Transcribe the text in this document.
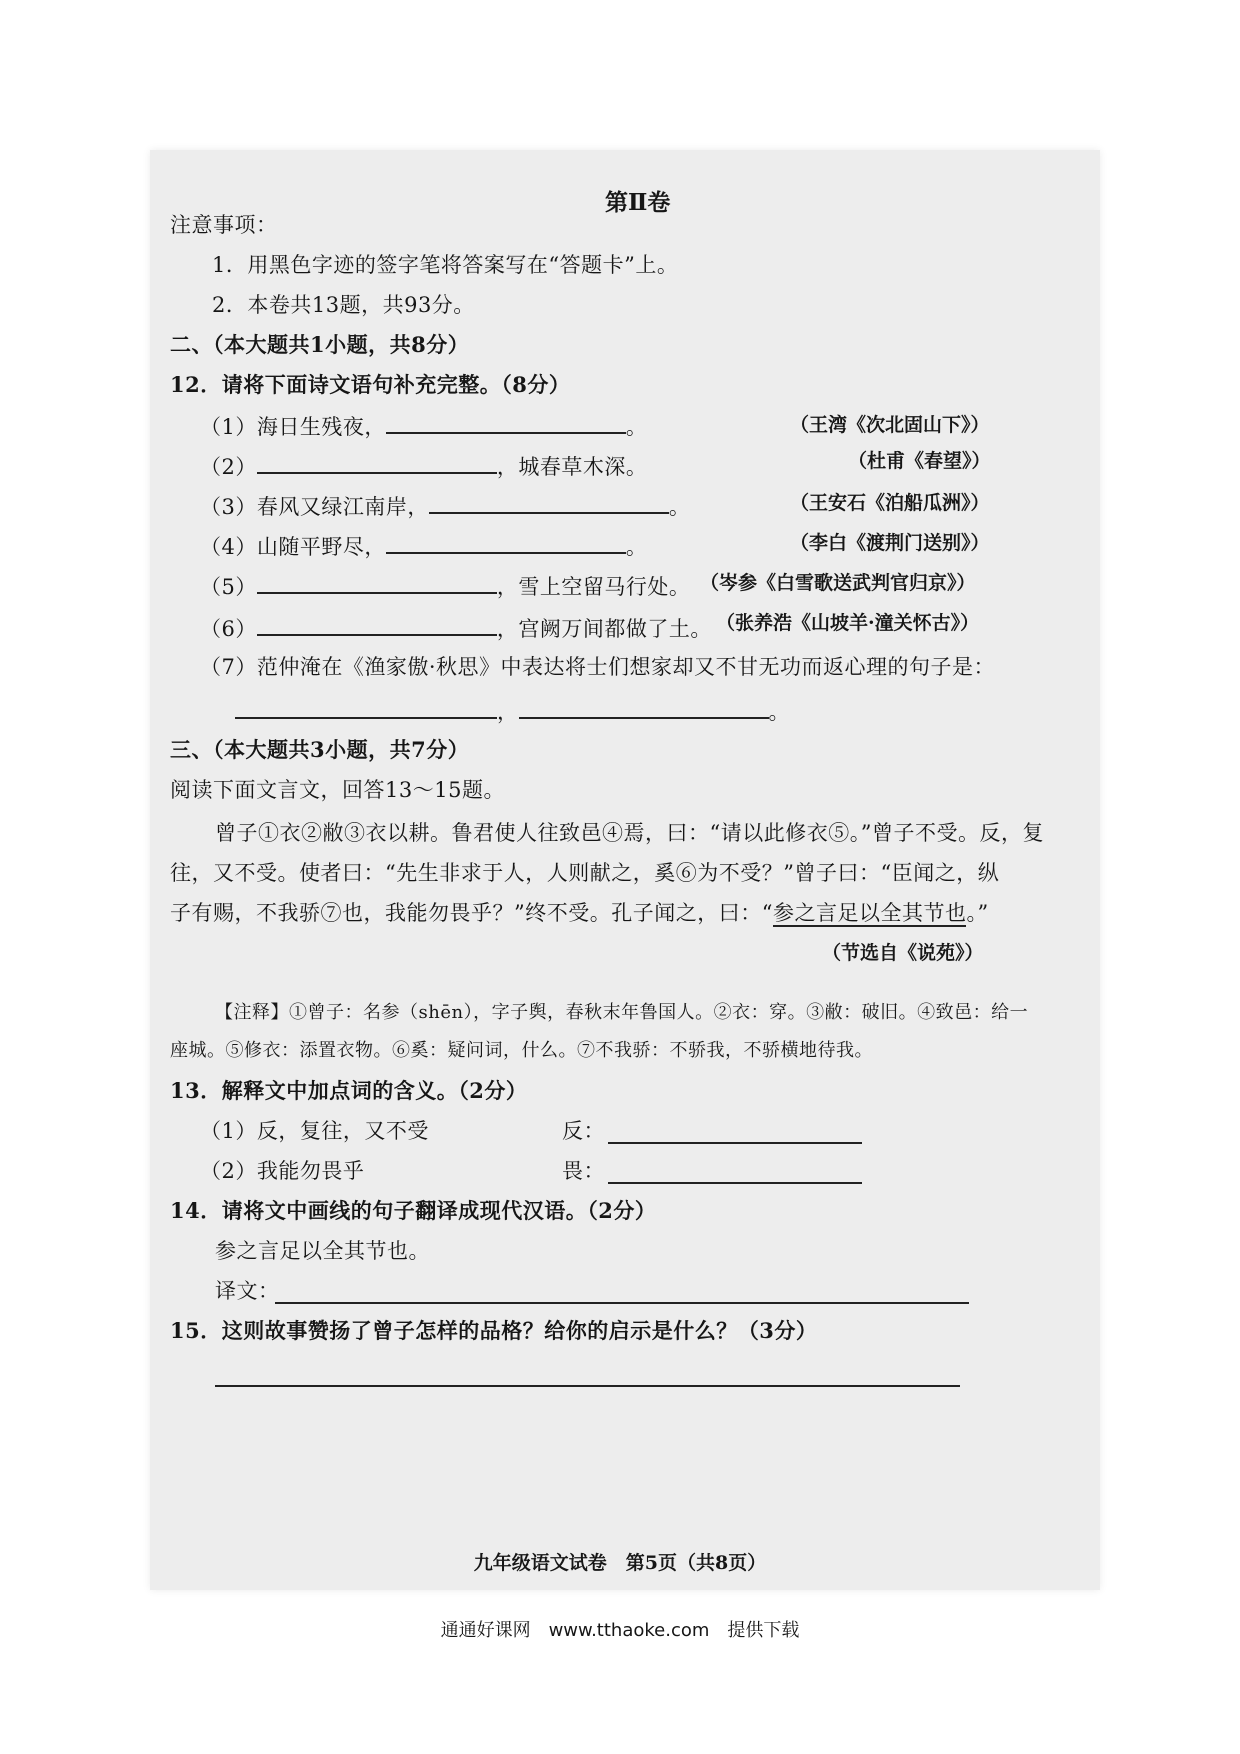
第Ⅱ卷
注意事项：
1．用黑色字迹的签字笔将答案写在“答题卡”上。
2．本卷共13题，共93分。
二、（本大题共1小题，共8分）
12．请将下面诗文语句补充完整。（8分）
（1）海日生残夜，	。	（王湾《次北固山下》）
（2）	，城春草木深。	（杜甫《春望》）
（3）春风又绿江南岸，	。	（王安石《泊船瓜洲》）
（4）山随平野尽，	。	（李白《渡荆门送别》）
（5）	，雪上空留马行处。 （岑参《白雪歌送武判官归京》）
（6）	，宫阙万间都做了土。 （张养浩《山坡羊·潼关怀古》）
（7）范仲淹在《渔家傲·秋思》中表达将士们想家却又不甘无功而返心理的句子是：
，	。
三、（本大题共3小题，共7分）
阅读下面文言文，回答13～15题。
曾子①衣②敝③衣以耕。鲁君使人往致邑④焉，曰：“请以此修衣⑤。”曾子不受。反，复
往，又不受。使者曰：“先生非求于人，人则献之，奚⑥为不受？”曾子曰：“臣闻之，纵
子有赐，不我骄⑦也，我能勿畏乎？”终不受。孔子闻之，曰：“参之言足以全其节也。”
（节选自《说苑》）
【注释】①曾子：名参（shēn），字子舆，春秋末年鲁国人。②衣：穿。③敝：破旧。④致邑：给一
座城。⑤修衣：添置衣物。⑥奚：疑问词，什么。⑦不我骄：不骄我，不骄横地待我。
13．解释文中加点词的含义。（2分）
（1）反，复往，又不受	反：
（2）我能勿畏乎	畏：
14．请将文中画线的句子翻译成现代汉语。（2分）
参之言足以全其节也。
译文：
15．这则故事赞扬了曾子怎样的品格？给你的启示是什么？（3分）
九年级语文试卷　第5页（共8页）
通通好课网　www.tthaoke.com　提供下载
